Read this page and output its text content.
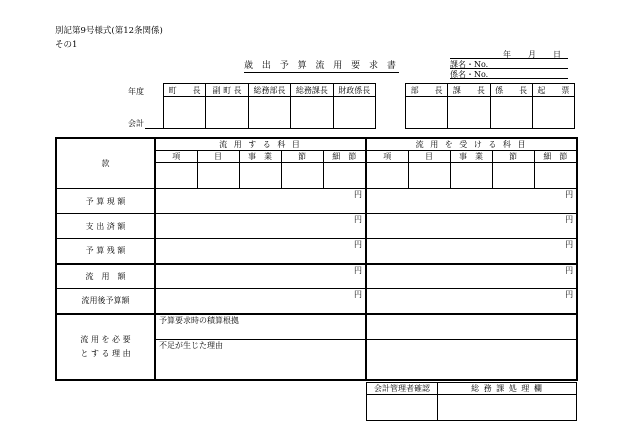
別記第9号様式(第12条関係)
その1
歳 出 予 算 流 用 要 求 書
年 月 日
課名・No.
係名・No.
年度
会計
町　　長	副 町 長	総務部長	総務課長	財政係長
					部　　長	課　　長	係　　長	起　　票

款	流 用 す る 科 目					流 用 を 受 け る 科 目				
	項	目	事　業	節	細　節	項	目	事　業	節	細　節

予 算 現 額	円					円				
支 出 済 額	円					円				
予 算 残 額	円					円				
流　用　額	円					円				
流用後予算額	円					円				

流 用 を 必 要
と す る 理 由	予算要求時の積算根拠									
	不足が生じた理由									
会計管理者確認	総 務 課 処 理 欄
